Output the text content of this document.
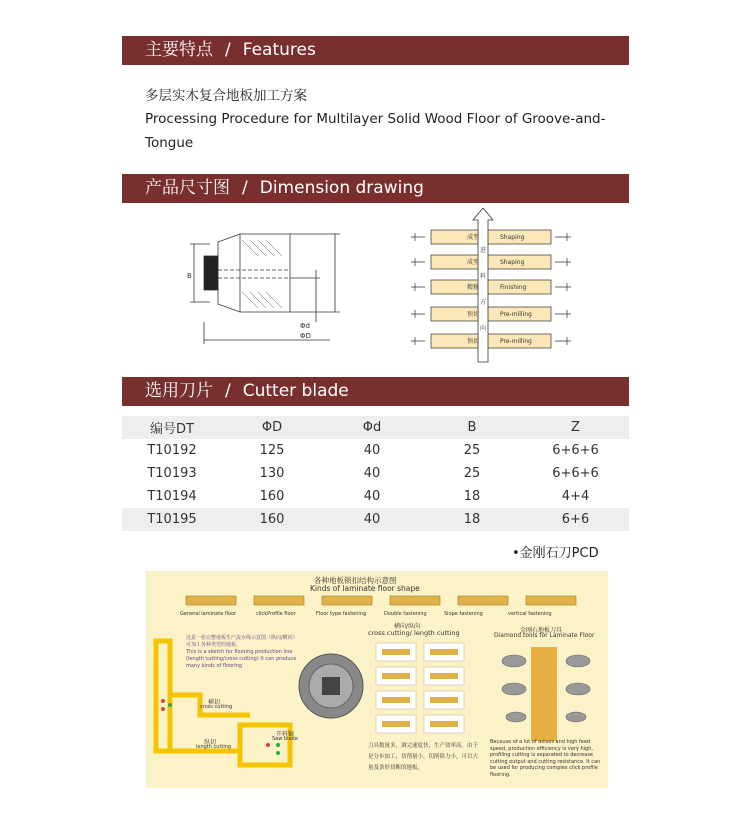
主要特点 / Features
多层实木复合地板加工方案
Processing Procedure for Multilayer Solid Wood Floor of Groove-and-
Tongue
产品尺寸图 / Dimension drawing
B
Φd
ΦD
成型	Shaping
成型	Shaping
精修	Finishing
预切	Pre-milling
预切	Pre-milling
进
料
方
向
选用刀片 / Cutter blade
编号DT	ΦD	Φd	B	Z
T10192	125	40	25	6+6+6
T10193	130	40	25	6+6+6
T10194	160	40	18	4+4
T10195	160	40	18	6+6
•金刚石刀PCD
各种地板锁扣结构示意图
Kinds of laminate floor shape
General laminate floor	clickProfile floor	Floor type fastening	Double fastening	Slope fastening	vertical fastening
这是一张完整地板生产流水线示意图（纵向/横向）可加工各种类型的地板。
This is a sketch for flooring production line (length cutting/cross cutting) It can produce many kinds of flooring
横切
cross cutting
纵切
length cutting
开料锯
Saw blade
横向/纵向
cross cutting/ length cutting
刀具数量多，调完速度快，生产效率高。由于是分步加工，切削量小，切削阻力小，可以大量及条形切断的地板。
金刚石地板刀具
Diamond tools for Laminate Floor
Because of a lot of axises and high feed speed, production efficiency is very high, profiling cutting is separated to decrease cutting output and cutting resistance. It can be used for producing complex click profile flooring.
